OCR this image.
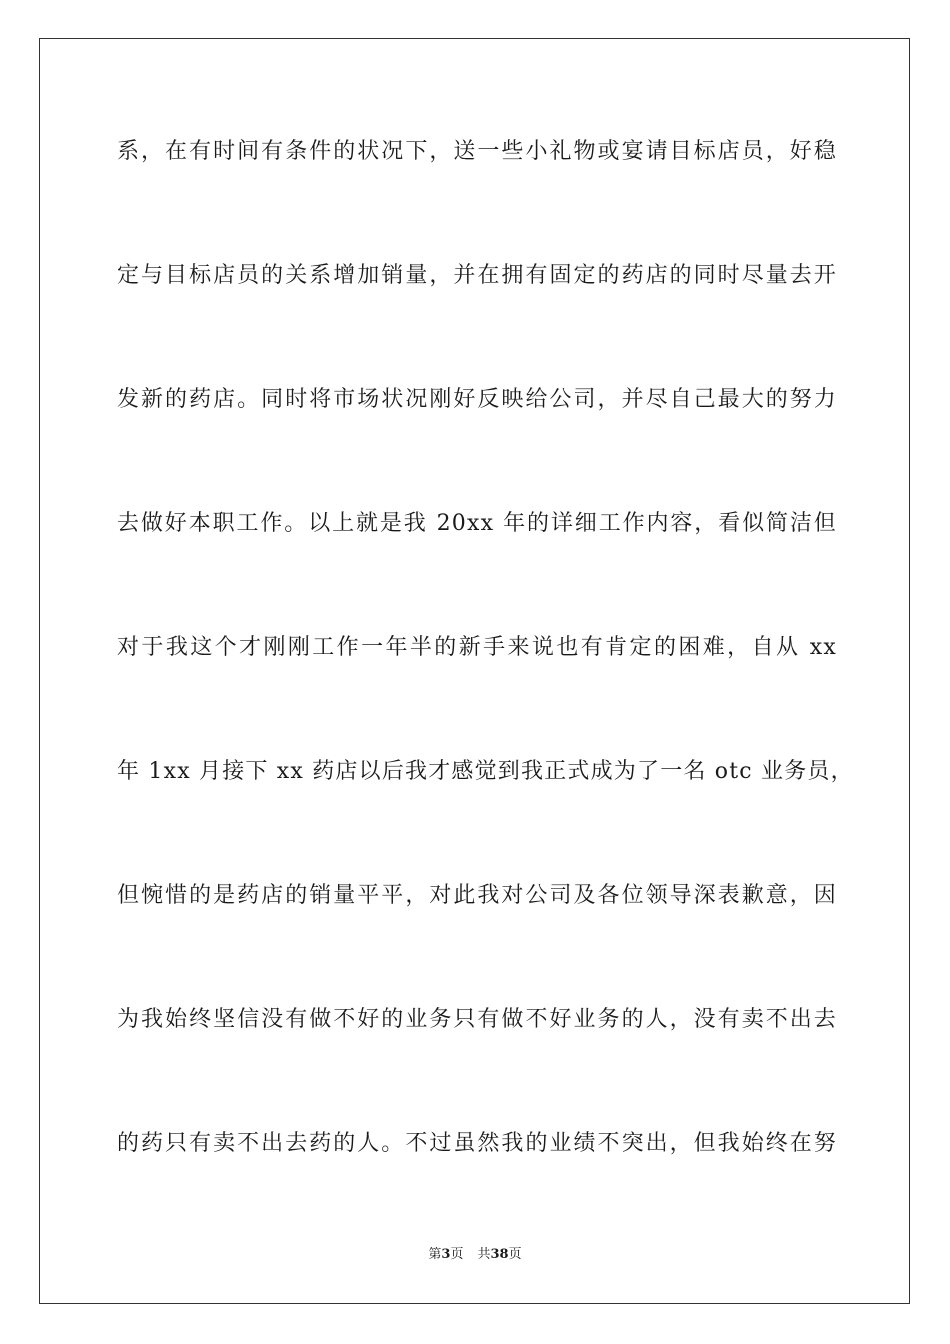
系，在有时间有条件的状况下，送一些小礼物或宴请目标店员，好稳
定与目标店员的关系增加销量，并在拥有固定的药店的同时尽量去开
发新的药店。同时将市场状况刚好反映给公司，并尽自己最大的努力
去做好本职工作。以上就是我 20xx 年的详细工作内容，看似简洁但
对于我这个才刚刚工作一年半的新手来说也有肯定的困难，自从 xx
年 1xx 月接下 xx 药店以后我才感觉到我正式成为了一名 otc 业务员，
但惋惜的是药店的销量平平，对此我对公司及各位领导深表歉意，因
为我始终坚信没有做不好的业务只有做不好业务的人，没有卖不出去
的药只有卖不出去药的人。不过虽然我的业绩不突出，但我始终在努
第3页 共38页
